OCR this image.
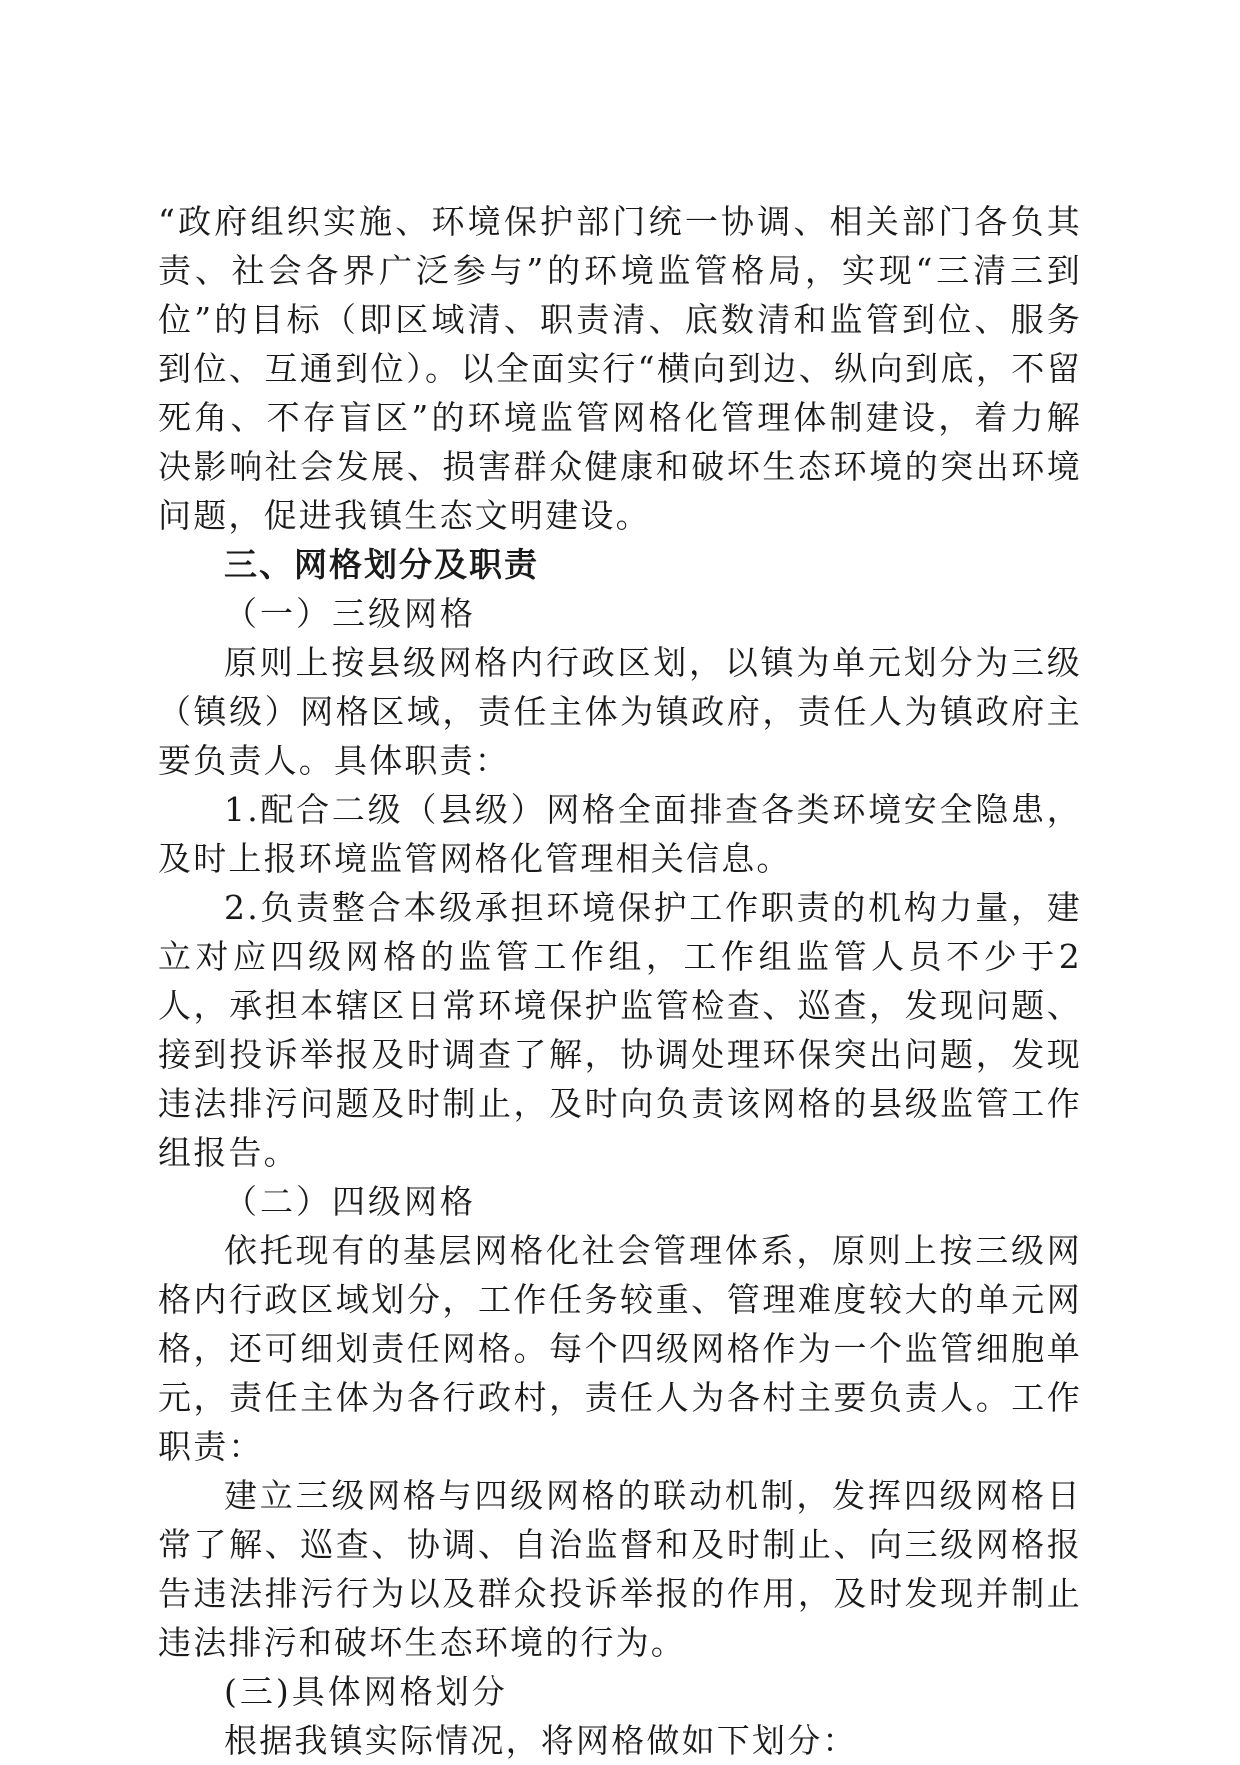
“政府组织实施、环境保护部门统一协调、相关部门各负其责、社会各界广泛参与”的环境监管格局，实现“三清三到位”的目标（即区域清、职责清、底数清和监管到位、服务到位、互通到位）。以全面实行“横向到边、纵向到底，不留死角、不存盲区”的环境监管网格化管理体制建设，着力解决影响社会发展、损害群众健康和破坏生态环境的突出环境问题，促进我镇生态文明建设。

三、网格划分及职责

（一）三级网格

原则上按县级网格内行政区划，以镇为单元划分为三级（镇级）网格区域，责任主体为镇政府，责任人为镇政府主要负责人。具体职责：

1.配合二级（县级）网格全面排查各类环境安全隐患，及时上报环境监管网格化管理相关信息。

2.负责整合本级承担环境保护工作职责的机构力量，建立对应四级网格的监管工作组，工作组监管人员不少于2人，承担本辖区日常环境保护监管检查、巡查，发现问题、接到投诉举报及时调查了解，协调处理环保突出问题，发现违法排污问题及时制止，及时向负责该网格的县级监管工作组报告。

（二）四级网格

依托现有的基层网格化社会管理体系，原则上按三级网格内行政区域划分，工作任务较重、管理难度较大的单元网格，还可细划责任网格。每个四级网格作为一个监管细胞单元，责任主体为各行政村，责任人为各村主要负责人。工作职责：

建立三级网格与四级网格的联动机制，发挥四级网格日常了解、巡查、协调、自治监督和及时制止、向三级网格报告违法排污行为以及群众投诉举报的作用，及时发现并制止违法排污和破坏生态环境的行为。

(三)具体网格划分

根据我镇实际情况，将网格做如下划分：
